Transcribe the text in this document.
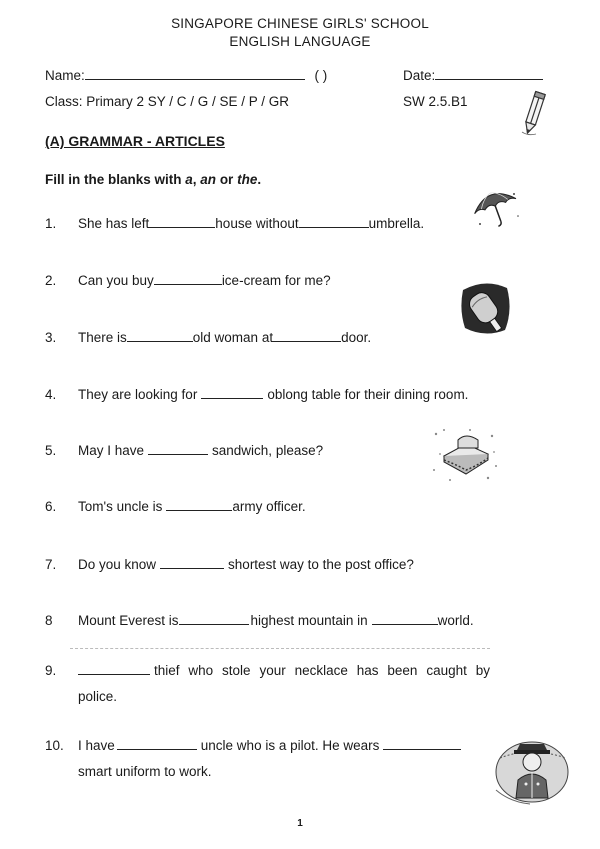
SINGAPORE CHINESE GIRLS' SCHOOL
ENGLISH LANGUAGE
Name:	( )	Date:
Class: Primary 2 SY / C / G / SE / P / GR	SW 2.5.B1
(A) GRAMMAR - ARTICLES
Fill in the blanks with a, an or the.
1.	She has left	house without	umbrella.
2.	Can you buy	ice-cream for me?
3.	There is	old woman at	door.
4.	They are looking for	oblong table for their dining room.
5.	May I have	sandwich, please?
6.	Tom's uncle is	army officer.
7.	Do you know	shortest way to the post office?
8	Mount Everest is	highest mountain in	world.
9.	thief who stole your necklace has been caught by
police.
10.	I have	uncle who is a pilot. He wears
smart uniform to work.
1
